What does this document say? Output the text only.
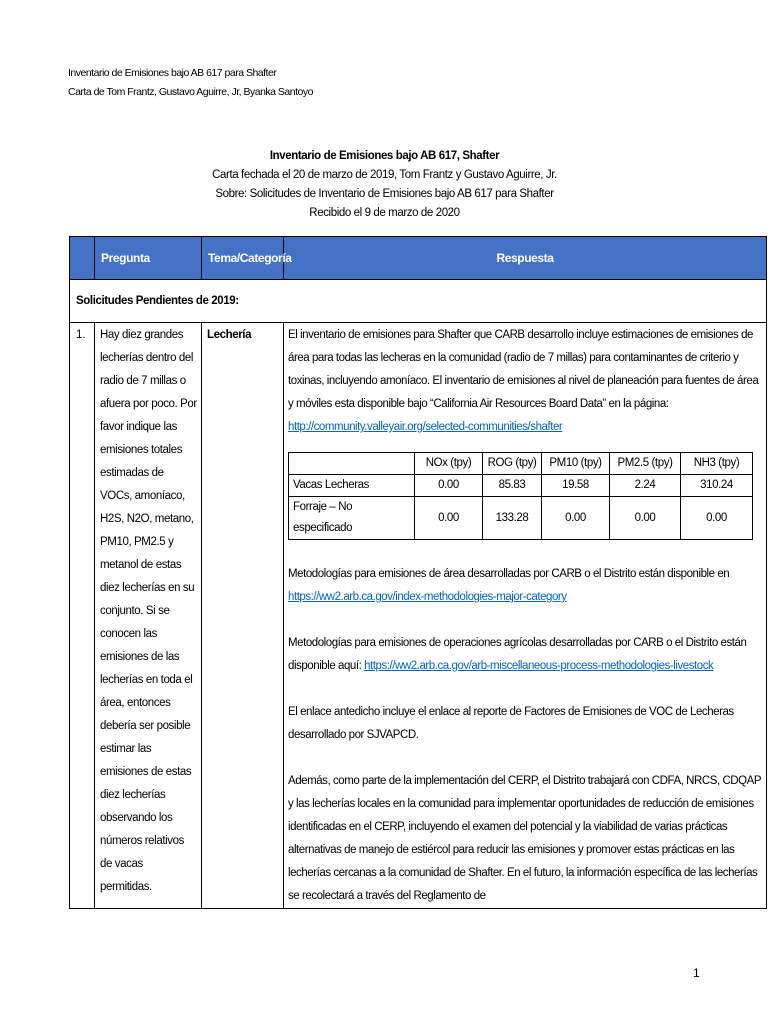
Inventario de Emisiones bajo AB 617 para Shafter
Carta de Tom Frantz, Gustavo Aguirre, Jr, Byanka Santoyo
Inventario de Emisiones bajo AB 617, Shafter
Carta fechada el 20 de marzo de 2019, Tom Frantz y Gustavo Aguirre, Jr.
Sobre: Solicitudes de Inventario de Emisiones bajo AB 617 para Shafter
Recibido el 9 de marzo de 2020
	Pregunta	Tema/Categoría	Respuesta
Solicitudes Pendientes de 2019:
1.	Hay diez grandes lecherías dentro del radio de 7 millas o afuera por poco. Por favor indique las emisiones totales estimadas de VOCs, amoníaco, H2S, N2O, metano, PM10, PM2.5 y metanol de estas diez lecherías en su conjunto. Si se conocen las emisiones de las lecherías en toda el área, entonces debería ser posible estimar las emisiones de estas diez lecherías observando los números relativos de vacas permitidas.	Lechería	El inventario de emisiones para Shafter que CARB desarrollo incluye estimaciones de emisiones de área para todas las lecheras en la comunidad (radio de 7 millas) para contaminantes de criterio y toxinas, incluyendo amoníaco. El inventario de emisiones al nivel de planeación para fuentes de área y móviles esta disponible bajo “California Air Resources Board Data” en la página:

http://community.valleyair.org/selected-communities/shafter
	NOx (tpy)	ROG (tpy)	PM10 (tpy)	PM2.5 (tpy)	NH3 (tpy)
Vacas Lecheras	0.00	85.83	19.58	2.24	310.24
Forraje – No especificado	0.00	133.28	0.00	0.00	0.00

Metodologías para emisiones de área desarrolladas por CARB o el Distrito están disponible en

https://ww2.arb.ca.gov/index-methodologies-major-category

Metodologías para emisiones de operaciones agrícolas desarrolladas por CARB o el Distrito están disponible aquí: https://ww2.arb.ca.gov/arb-miscellaneous-process-methodologies-livestock

El enlace antedicho incluye el enlace al reporte de Factores de Emisiones de VOC de Lecheras desarrollado por SJVAPCD.

Además, como parte de la implementación del CERP, el Distrito trabajará con CDFA, NRCS, CDQAP y las lecherías locales en la comunidad para implementar oportunidades de reducción de emisiones identificadas en el CERP, incluyendo el examen del potencial y la viabilidad de varias prácticas alternativas de manejo de estiércol para reducir las emisiones y promover estas prácticas en las lecherías cercanas a la comunidad de Shafter. En el futuro, la información específica de las lecherías se recolectará a través del Reglamento de

1
